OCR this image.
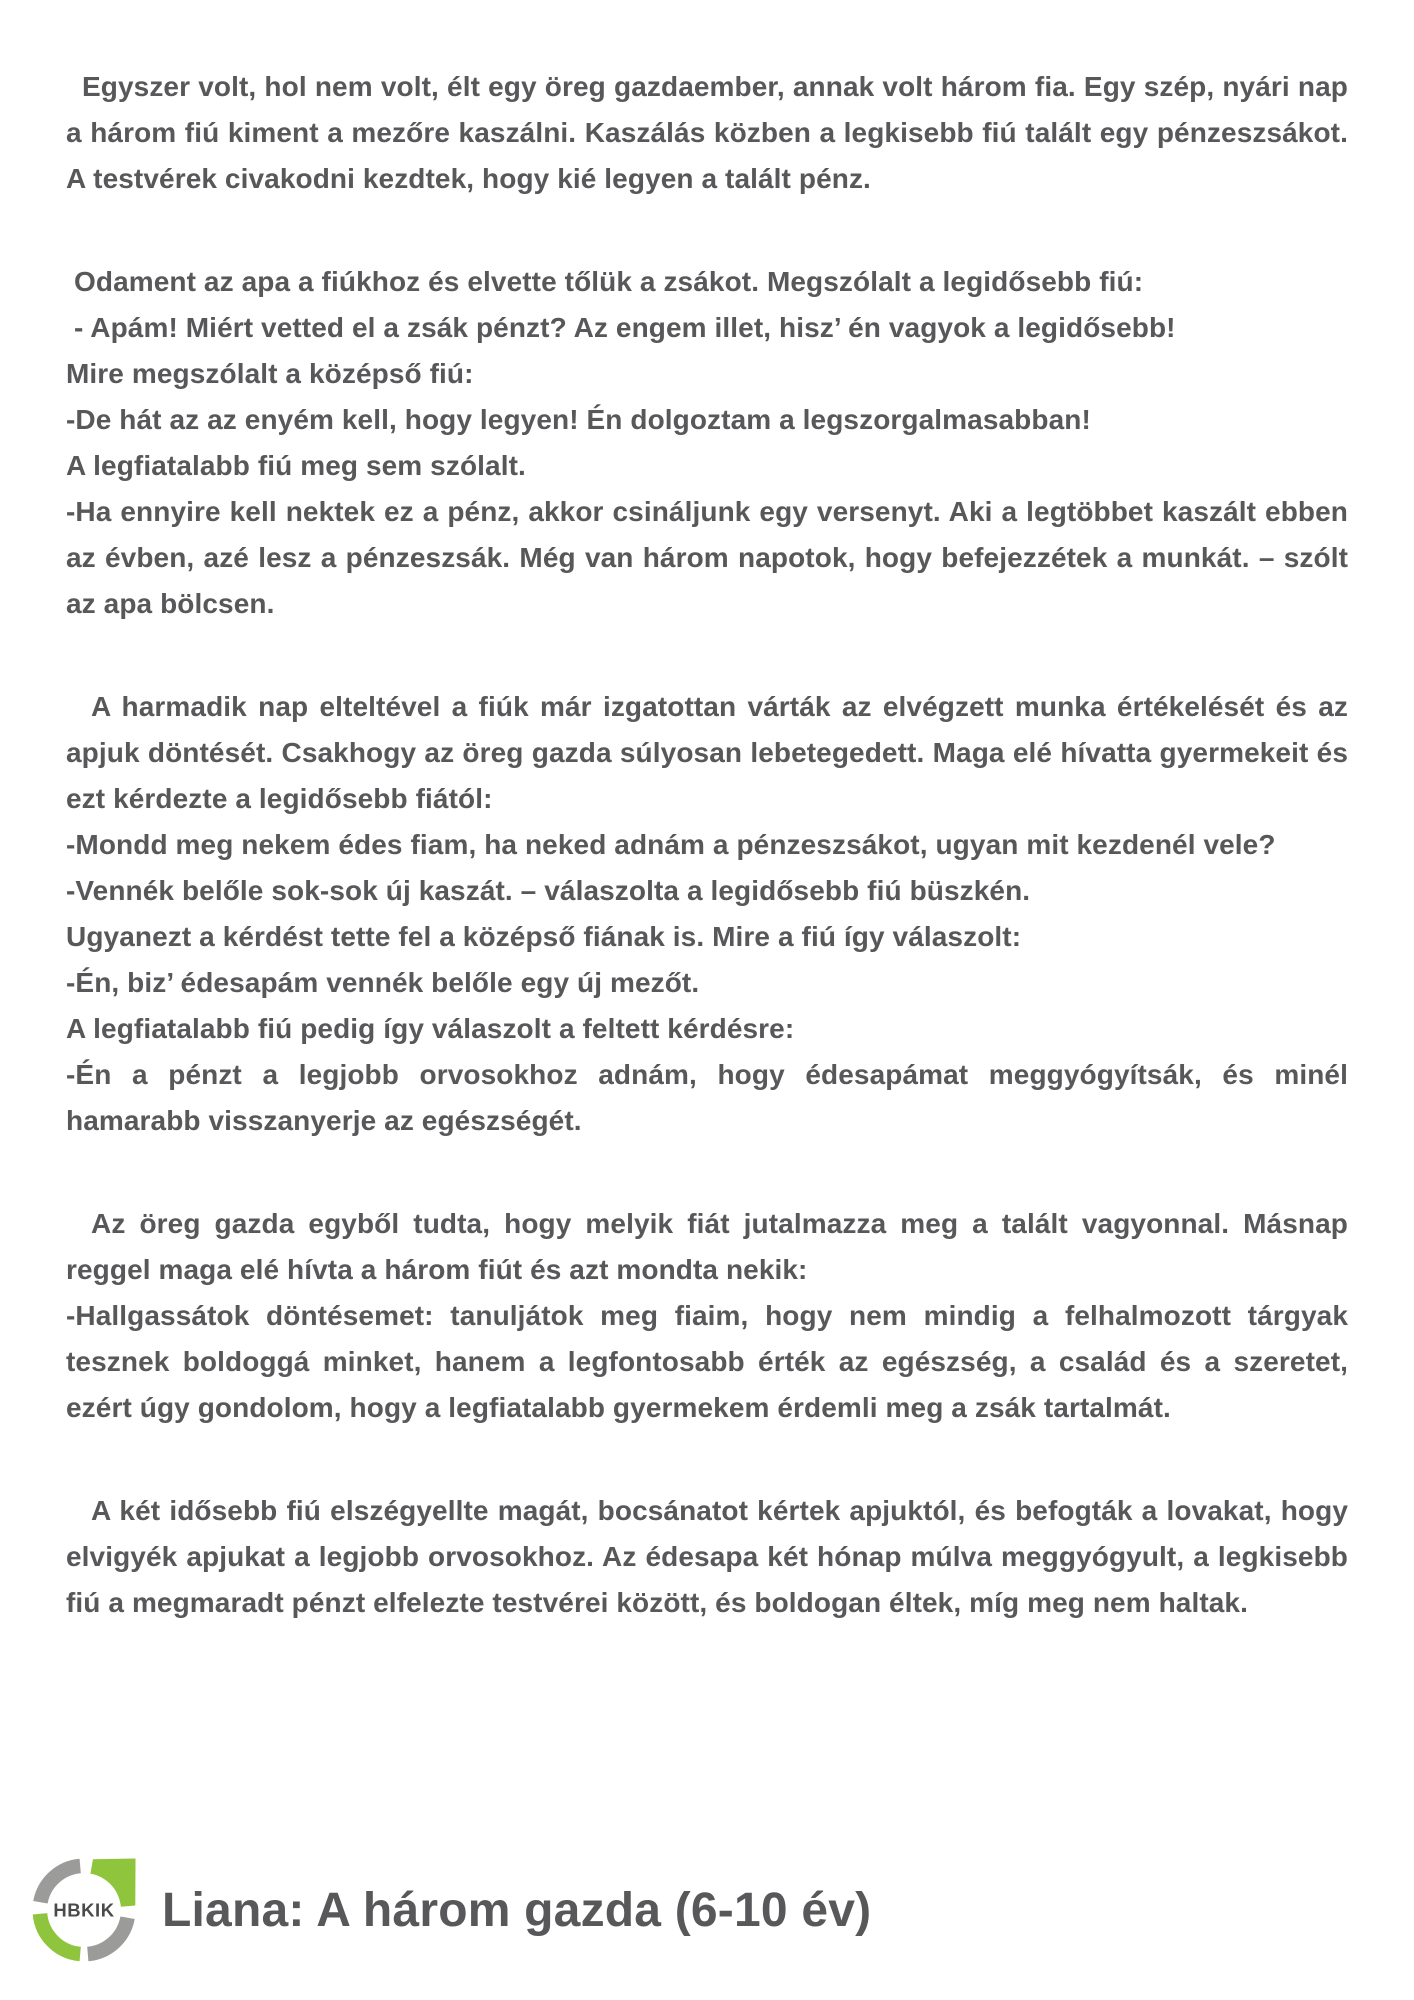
Egyszer volt, hol nem volt, élt egy öreg gazdaember, annak volt három fia. Egy szép, nyári nap a három fiú kiment a mezőre kaszálni. Kaszálás közben a legkisebb fiú talált egy pénzeszsákot. A testvérek civakodni kezdtek, hogy kié legyen a talált pénz.

Odament az apa a fiúkhoz és elvette tőlük a zsákot. Megszólalt a legidősebb fiú:

- Apám! Miért vetted el a zsák pénzt? Az engem illet, hisz’ én vagyok a legidősebb!

Mire megszólalt a középső fiú:

-De hát az az enyém kell, hogy legyen! Én dolgoztam a legszorgalmasabban!

A legfiatalabb fiú meg sem szólalt.

-Ha ennyire kell nektek ez a pénz, akkor csináljunk egy versenyt. Aki a legtöbbet kaszált ebben az évben, azé lesz a pénzeszsák. Még van három napotok, hogy befejezzétek a munkát. – szólt az apa bölcsen.

A harmadik nap elteltével a fiúk már izgatottan várták az elvégzett munka értékelését és az apjuk döntését. Csakhogy az öreg gazda súlyosan lebetegedett. Maga elé hívatta gyermekeit és ezt kérdezte a legidősebb fiától:

-Mondd meg nekem édes fiam, ha neked adnám a pénzeszsákot, ugyan mit kezdenél vele?

-Vennék belőle sok-sok új kaszát. – válaszolta a legidősebb fiú büszkén.

Ugyanezt a kérdést tette fel a középső fiának is. Mire a fiú így válaszolt:

-Én, biz’ édesapám vennék belőle egy új mezőt.

A legfiatalabb fiú pedig így válaszolt a feltett kérdésre:

-Én a pénzt a legjobb orvosokhoz adnám, hogy édesapámat meggyógyítsák, és minél hamarabb visszanyerje az egészségét.

Az öreg gazda egyből tudta, hogy melyik fiát jutalmazza meg a talált vagyonnal. Másnap reggel maga elé hívta a három fiút és azt mondta nekik:

-Hallgassátok döntésemet: tanuljátok meg fiaim, hogy nem mindig a felhalmozott tárgyak tesznek boldoggá minket, hanem a legfontosabb érték az egészség, a család és a szeretet, ezért úgy gondolom, hogy a legfiatalabb gyermekem érdemli meg a zsák tartalmát.

A két idősebb fiú elszégyellte magát, bocsánatot kértek apjuktól, és befogták a lovakat, hogy elvigyék apjukat a legjobb orvosokhoz. Az édesapa két hónap múlva meggyógyult, a legkisebb fiú a megmaradt pénzt elfelezte testvérei között, és boldogan éltek, míg meg nem haltak.

HBKIK Liana: A három gazda (6-10 év)
